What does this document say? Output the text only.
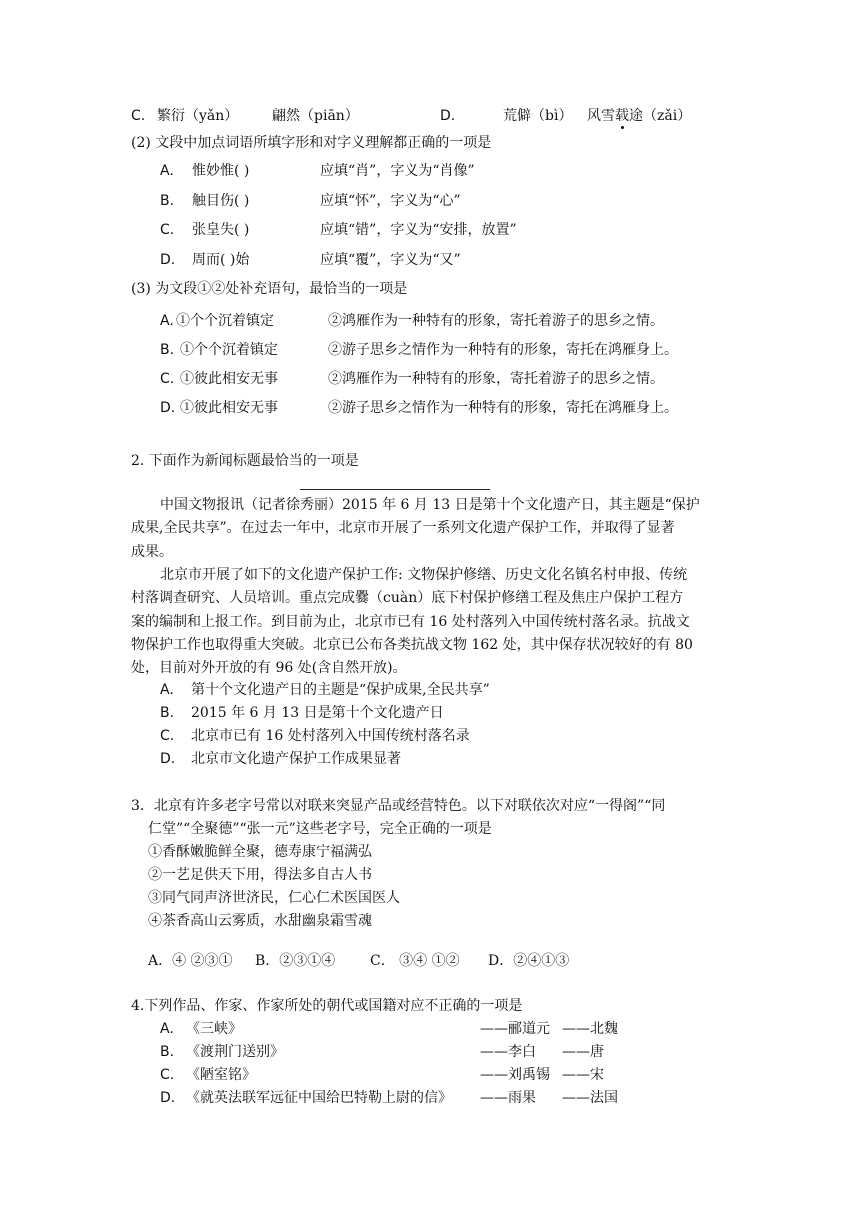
C. 繁衍（yǎn） 翩然（piān）	D.	荒僻（bì） 风雪载途（zǎi）
(2) 文段中加点词语所填字形和对字义理解都正确的一项是
A. 惟妙惟( )	应填“肖”，字义为“肖像”
B. 触目伤( )	应填“怀”，字义为“心”
C. 张皇失( )	应填“错”，字义为“安排，放置”
D. 周而( )始	应填“覆”，字义为“又”
(3) 为文段①②处补充语句，最恰当的一项是
A. ①个个沉着镇定	②鸿雁作为一种特有的形象，寄托着游子的思乡之情。
B. ①个个沉着镇定	②游子思乡之情作为一种特有的形象，寄托在鸿雁身上。
C. ①彼此相安无事	②鸿雁作为一种特有的形象，寄托着游子的思乡之情。
D. ①彼此相安无事	②游子思乡之情作为一种特有的形象，寄托在鸿雁身上。
2. 下面作为新闻标题最恰当的一项是
中国文物报讯（记者徐秀丽）2015 年 6 月 13 日是第十个文化遗产日，其主题是“保护
成果,全民共享”。在过去一年中，北京市开展了一系列文化遗产保护工作，并取得了显著
成果。
北京市开展了如下的文化遗产保护工作: 文物保护修缮、历史文化名镇名村申报、传统
村落调查研究、人员培训。重点完成爨（cuàn）底下村保护修缮工程及焦庄户保护工程方
案的编制和上报工作。到目前为止，北京市已有 16 处村落列入中国传统村落名录。抗战文
物保护工作也取得重大突破。北京已公布各类抗战文物 162 处，其中保存状况较好的有 80
处，目前对外开放的有 96 处(含自然开放)。
A. 第十个文化遗产日的主题是“保护成果,全民共享”
B. 2015 年 6 月 13 日是第十个文化遗产日
C. 北京市已有 16 处村落列入中国传统村落名录
D. 北京市文化遗产保护工作成果显著
3．北京有许多老字号常以对联来突显产品或经营特色。以下对联依次对应“一得阁”“同
仁堂”“全聚德”“张一元”这些老字号，完全正确的一项是
①香酥嫩脆鲜全聚，德寿康宁福满弘
②一艺足供天下用，得法多自古人书
③同气同声济世济民，仁心仁术医国医人
④茶香高山云雾质，水甜幽泉霜雪魂
A．④ ②③① B．②③①④ C． ③④ ①② D．②④①③
4.下列作品、作家、作家所处的朝代或国籍对应不正确的一项是
A. 《三峡》	——郦道元 ——北魏
B. 《渡荆门送别》	——李白 ——唐
C. 《陋室铭》	——刘禹锡 ——宋
D. 《就英法联军远征中国给巴特勒上尉的信》 ——雨果 ——法国
